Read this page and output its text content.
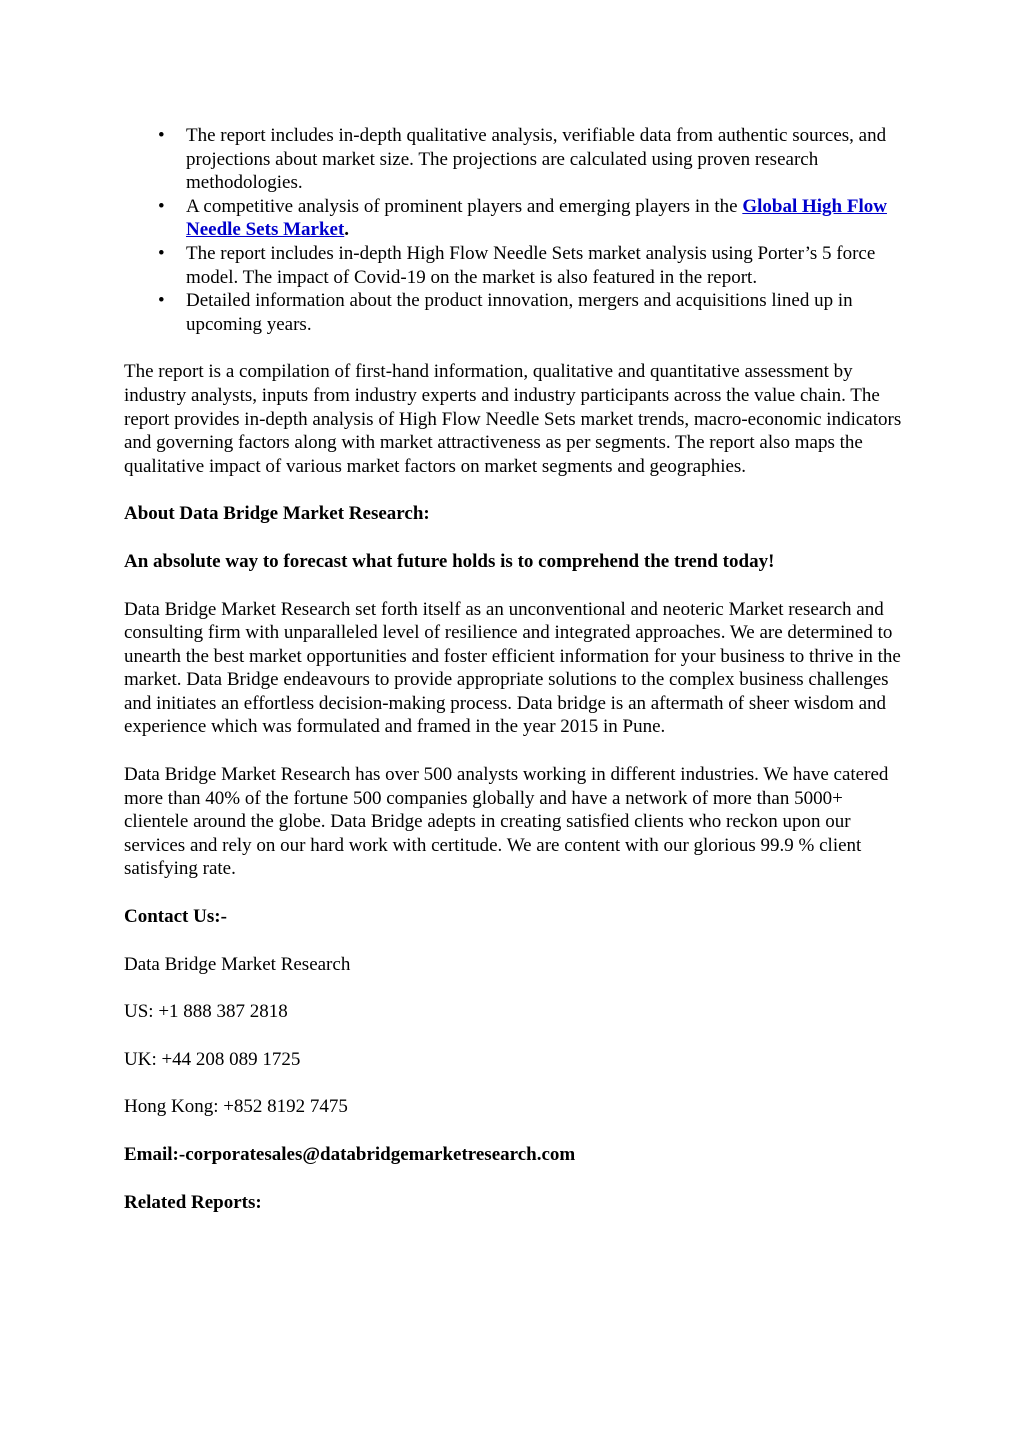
• The report includes in-depth qualitative analysis, verifiable data from authentic sources, and projections about market size. The projections are calculated using proven research methodologies.
• A competitive analysis of prominent players and emerging players in the Global High Flow Needle Sets Market.
• The report includes in-depth High Flow Needle Sets market analysis using Porter’s 5 force model. The impact of Covid-19 on the market is also featured in the report.
• Detailed information about the product innovation, mergers and acquisitions lined up in upcoming years.

The report is a compilation of first-hand information, qualitative and quantitative assessment by industry analysts, inputs from industry experts and industry participants across the value chain. The report provides in-depth analysis of High Flow Needle Sets market trends, macro-economic indicators and governing factors along with market attractiveness as per segments. The report also maps the qualitative impact of various market factors on market segments and geographies.

About Data Bridge Market Research:

An absolute way to forecast what future holds is to comprehend the trend today!

Data Bridge Market Research set forth itself as an unconventional and neoteric Market research and consulting firm with unparalleled level of resilience and integrated approaches. We are determined to unearth the best market opportunities and foster efficient information for your business to thrive in the market. Data Bridge endeavours to provide appropriate solutions to the complex business challenges and initiates an effortless decision-making process. Data bridge is an aftermath of sheer wisdom and experience which was formulated and framed in the year 2015 in Pune.

Data Bridge Market Research has over 500 analysts working in different industries. We have catered more than 40% of the fortune 500 companies globally and have a network of more than 5000+ clientele around the globe. Data Bridge adepts in creating satisfied clients who reckon upon our services and rely on our hard work with certitude. We are content with our glorious 99.9 % client satisfying rate.

Contact Us:-

Data Bridge Market Research

US: +1 888 387 2818

UK: +44 208 089 1725

Hong Kong: +852 8192 7475

Email:-corporatesales@databridgemarketresearch.com

Related Reports:
